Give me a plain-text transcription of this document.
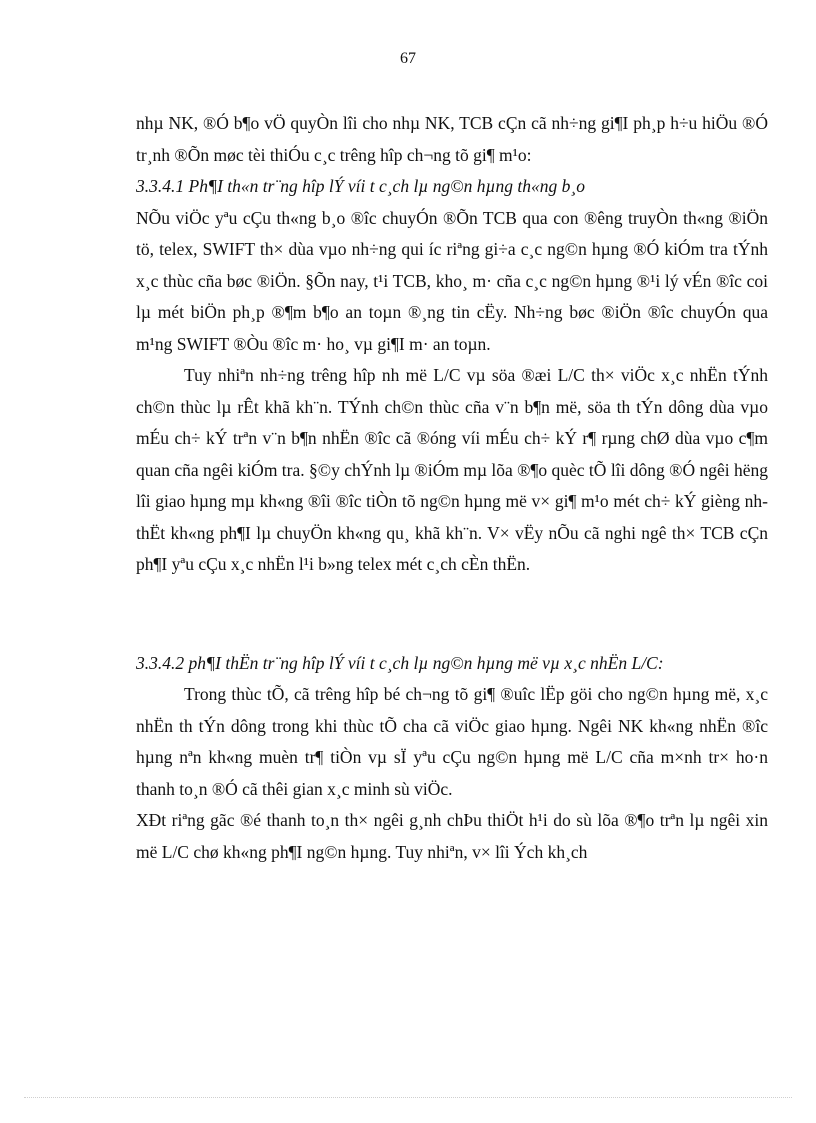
67

nhµ NK, ®Ó b¶o vÖ quyÒn lîi cho nhµ NK, TCB cÇn cã nh÷ng gi¶I ph¸p h÷u hiÖu ®Ó tr¸nh ®Õn møc tèi thiÓu c¸c trêng hîp ch¬ng tõ gi¶ m¹o:

3.3.4.1 Ph¶I th«n tr¨ng hîp lÝ víi t c¸ch lµ ng©n hµng th«ng b¸o

NÕu viÖc yªu cÇu th«ng b¸o ®îc chuyÓn ®Õn TCB qua con ®êng truyÒn th«ng ®iÖn tö, telex, SWIFT th× dùa vµo nh÷ng qui íc riªng gi÷a c¸c ng©n hµng ®Ó kiÓm tra tÝnh x¸c thùc cña bøc ®iÖn. §Õn nay, t¹i TCB, kho¸ m· cña c¸c ng©n hµng ®¹i lý vÉn ®îc coi lµ mét biÖn ph¸p ®¶m b¶o an toµn ®¸ng tin cËy. Nh÷ng bøc ®iÖn ®îc chuyÓn qua m¹ng SWIFT ®Òu ®îc m· ho¸ vµ gi¶I m· an toµn.

Tuy nhiªn nh÷ng trêng hîp nh më L/C vµ söa ®æi L/C th× viÖc x¸c nhËn tÝnh ch©n thùc lµ rÊt khã kh¨n. TÝnh ch©n thùc cña v¨n b¶n më, söa th tÝn dông dùa vµo mÉu ch÷ kÝ trªn v¨n b¶n nhËn ®îc cã ®óng víi mÉu ch÷ kÝ r¶ rµng chØ dùa vµo c¶m quan cña ngêi kiÓm tra. §©y chÝnh lµ ®iÓm mµ lõa ®¶o quèc tÕ lîi dông ®Ó ngêi hëng lîi giao hµng mµ kh«ng ®îi ®îc tiÒn tõ ng©n hµng më v× gi¶ m¹o mét ch÷ kÝ gièng nh thËt kh«ng ph¶I lµ chuyÖn kh«ng qu¸ khã kh¨n. V× vËy nÕu cã nghi ngê th× TCB cÇn ph¶I yªu cÇu x¸c nhËn l¹i b»ng telex mét c¸ch cÈn thËn.

3.3.4.2 ph¶I thËn tr¨ng hîp lÝ víi t c¸ch lµ ng©n hµng më vµ x¸c nhËn L/C:

Trong thùc tÕ, cã trêng hîp bé ch¬ng tõ gi¶ ®uîc lËp göi cho ng©n hµng më, x¸c nhËn th tÝn dông trong khi thùc tÕ cha cã viÖc giao hµng. Ngêi NK kh«ng nhËn ®îc hµng nªn kh«ng muèn tr¶ tiÒn vµ sÏ yªu cÇu ng©n hµng më L/C cña m×nh tr× ho·n thanh to¸n ®Ó cã thêi gian x¸c minh sù viÖc.

XÐt riªng gãc ®é thanh to¸n th× ngêi g¸nh chÞu thiÖt h¹i do sù lõa ®¶o trªn lµ ngêi xin më L/C chø kh«ng ph¶I ng©n hµng. Tuy nhiªn, v× lîi Ých kh¸ch
